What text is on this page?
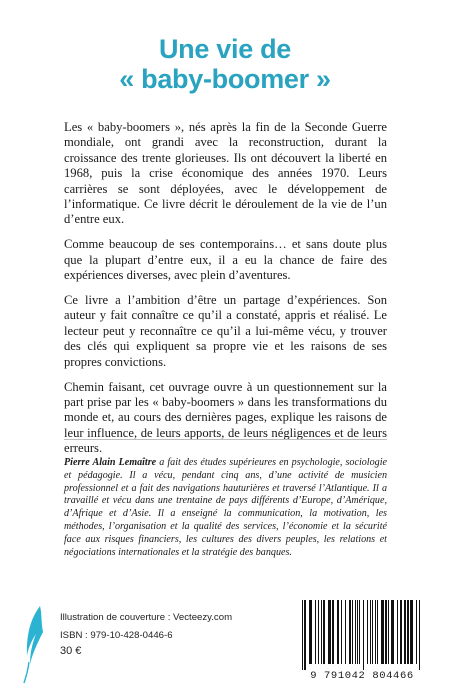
Une vie de
« baby-boomer »

Les « baby-boomers », nés après la fin de la Seconde Guerre mondiale, ont grandi avec la reconstruction, durant la croissance des trente glorieuses. Ils ont découvert la liberté en 1968, puis la crise économique des années 1970. Leurs carrières se sont déployées, avec le développement de l’informatique. Ce livre décrit le déroulement de la vie de l’un d’entre eux.

Comme beaucoup de ses contemporains… et sans doute plus que la plupart d’entre eux, il a eu la chance de faire des expériences diverses, avec plein d’aventures.

Ce livre a l’ambition d’être un partage d’expériences. Son auteur y fait connaître ce qu’il a constaté, appris et réalisé. Le lecteur peut y reconnaître ce qu’il a lui-même vécu, y trouver des clés qui expliquent sa propre vie et les raisons de ses propres convictions.

Chemin faisant, cet ouvrage ouvre à un questionnement sur la part prise par les « baby-boomers » dans les transformations du monde et, au cours des dernières pages, explique les raisons de leur influence, de leurs apports, de leurs négligences et de leurs erreurs.

Pierre Alain Lemaître a fait des études supérieures en psychologie, sociologie et pédagogie. Il a vécu, pendant cinq ans, d’une activité de musicien professionnel et a fait des navigations hauturières et traversé l’Atlantique. Il a travaillé et vécu dans une trentaine de pays différents d’Europe, d’Amérique, d’Afrique et d’Asie. Il a enseigné la communication, la motivation, les méthodes, l’organisation et la qualité des services, l’économie et la sécurité face aux risques financiers, les cultures des divers peuples, les relations et négociations internationales et la stratégie des banques.
Illustration de couverture : Vecteezy.com
ISBN : 979-10-428-0446-6
30 €
9 791042 804466
